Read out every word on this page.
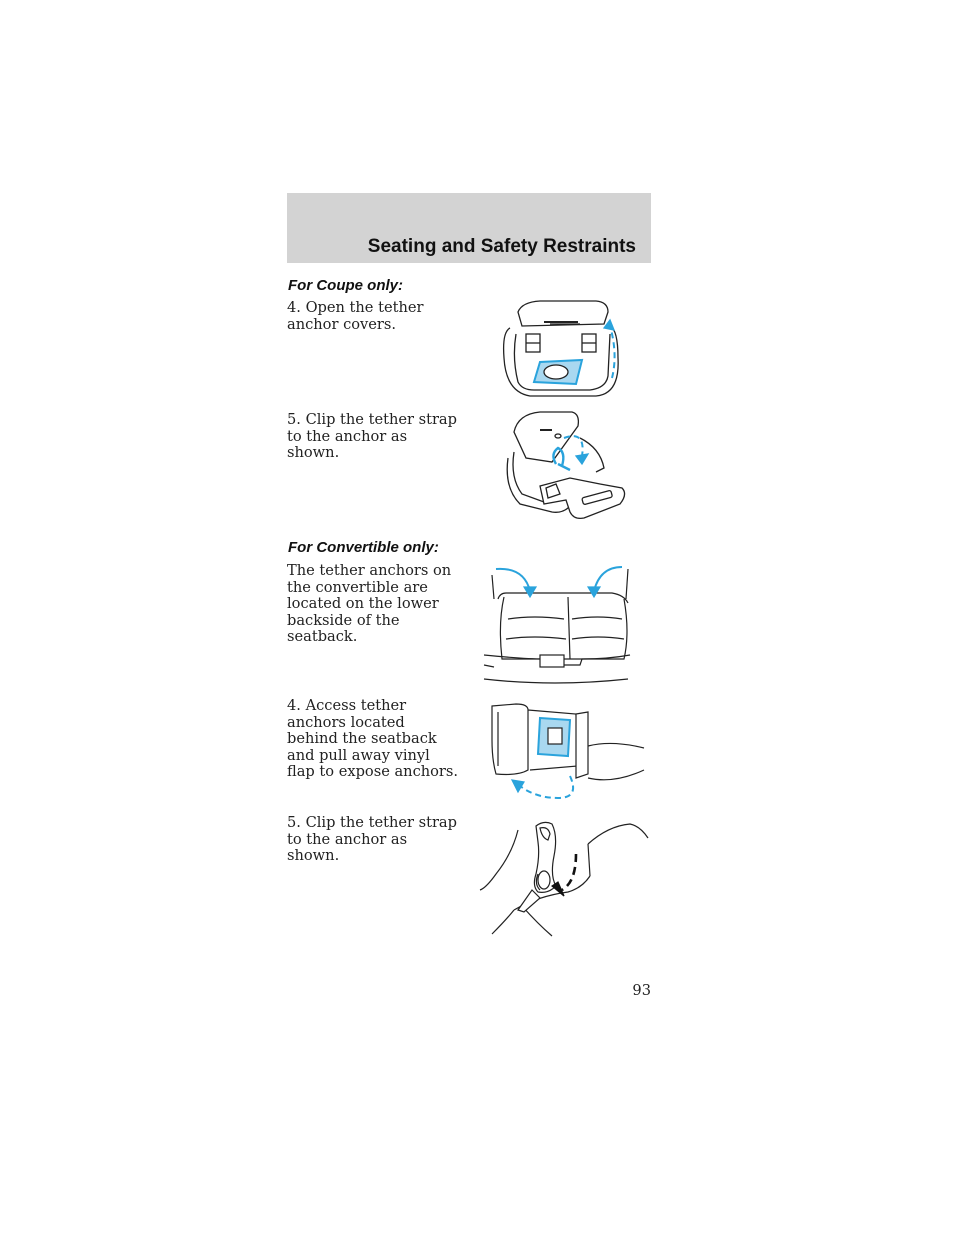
Seating and Safety Restraints
For Coupe only:
4. Open the tether anchor covers.
5. Clip the tether strap to the anchor as shown.
For Convertible only:
The tether anchors on the convertible are located on the lower backside of the seatback.
4. Access tether anchors located behind the seatback and pull away vinyl flap to expose anchors.
5. Clip the tether strap to the anchor as shown.
93
